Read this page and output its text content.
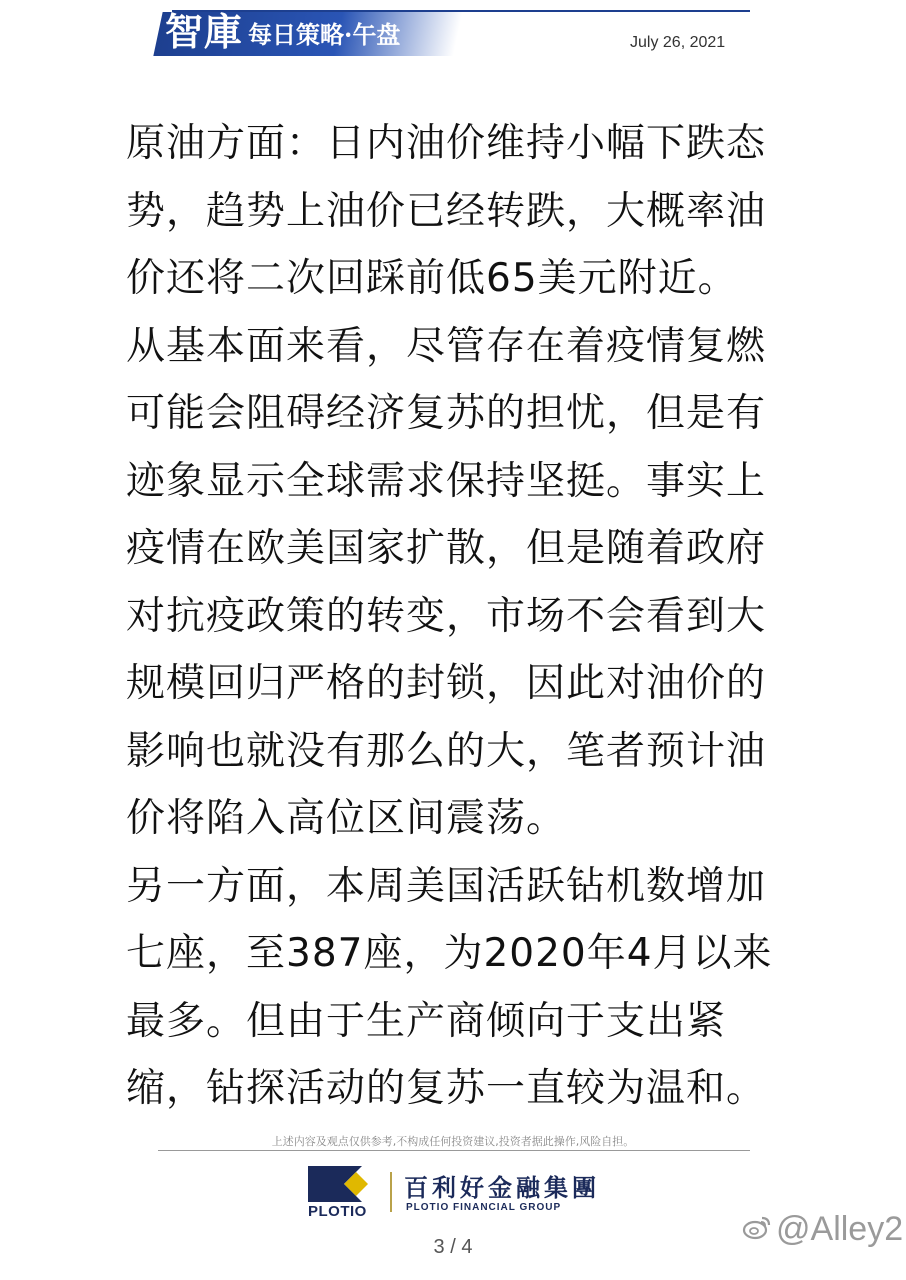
智庫 每日策略·午盘	July 26, 2021

原油方面：日内油价维持小幅下跌态势，趋势上油价已经转跌，大概率油价还将二次回踩前低65美元附近。

从基本面来看，尽管存在着疫情复燃可能会阻碍经济复苏的担忧，但是有迹象显示全球需求保持坚挺。事实上疫情在欧美国家扩散，但是随着政府对抗疫政策的转变，市场不会看到大规模回归严格的封锁，因此对油价的影响也就没有那么的大，笔者预计油价将陷入高位区间震荡。

另一方面，本周美国活跃钻机数增加七座，至387座，为2020年4月以来最多。但由于生产商倾向于支出紧缩，钻探活动的复苏一直较为温和。

上述内容及观点仅供参考,不构成任何投资建议,投资者据此操作,风险自担。
PLOTIO
百利好金融集團
PLOTIO FINANCIAL GROUP
3 / 4	@Alley2
